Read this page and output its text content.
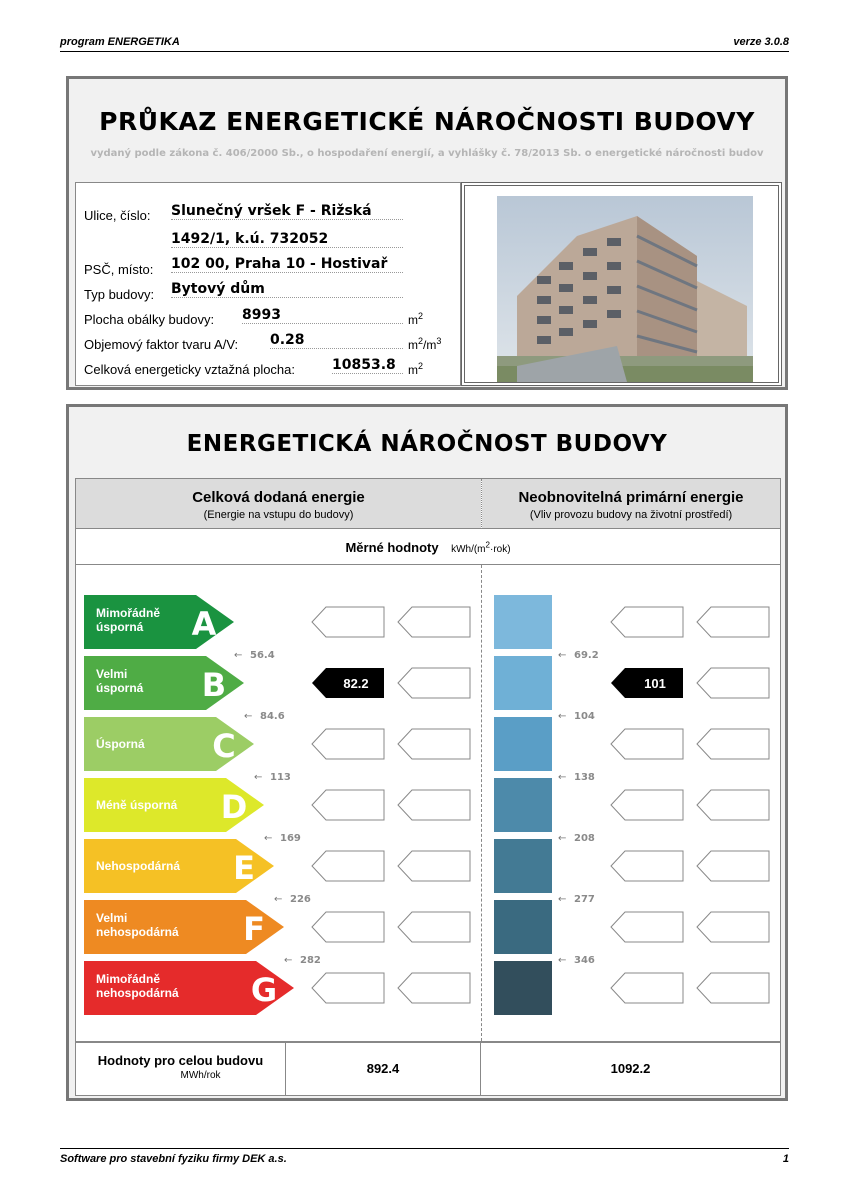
program ENERGETIKA	verze 3.0.8
PRŮKAZ ENERGETICKÉ NÁROČNOSTI BUDOVY
vydaný podle zákona č. 406/2000 Sb., o hospodaření energií, a vyhlášky č. 78/2013 Sb. o energetické náročnosti budov
Ulice, číslo: Slunečný vršek F - Rižská
1492/1, k.ú. 732052
PSČ, místo: 102 00, Praha 10 - Hostivař
Typ budovy: Bytový dům
Plocha obálky budovy: 8993	$m^2$
Objemový faktor tvaru A/V: 0.28	$m^2/m^3$
Celková energeticky vztažná plocha:	10853.8	$m^2$
ENERGETICKÁ NÁROČNOST BUDOVY
Celková dodaná energie
(Energie na vstupu do budovy)
Neobnovitelná primární energie
(Vliv provozu budovy na životní prostředí)
Měrné hodnoty kWh/$(m^2\cdot rok)$
Mimořádně
úsporná A
Velmi
úsporná B	82.2	101
Úsporná C
Méně úsporná D
Nehospodárná E
Velmi
nehospodárná F
Mimořádně
nehospodárná G
← 56.4
← 84.6
← 113
← 169
← 226
← 282
← 69.2
← 104
← 138
← 208
← 277
← 346
Hodnoty pro celou budovu
MWh/rok	892.4	1092.2
Software pro stavební fyziku firmy DEK a.s.	1
